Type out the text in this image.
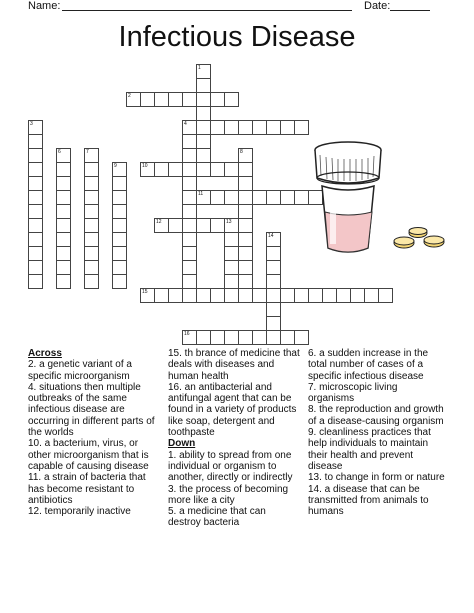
Name:	Date:
Infectious Disease
1
2
3	4
6	7	8
9	10
11
12	13
14
15
16

Across

2. a genetic variant of a specific microorganism

4. situations then multiple outbreaks of the same infectious disease are occurring in different parts of the worlds

10. a bacterium, virus, or other microorganism that is capable of causing disease

11. a strain of bacteria that has become resistant to antibiotics

12. temporarily inactive

15. th brance of medicine that deals with diseases and human health

16. an antibacterial and antifungal agent that can be found in a variety of products like soap, detergent and toothpaste

Down

1. ability to spread from one individual or organism to another, directly or indirectly

3. the process of becoming more like a city

5. a medicine that can destroy bacteria

6. a sudden increase in the total number of cases of a specific infectious disease

7. microscopic living organisms

8. the reproduction and growth of a disease-causing organism

9. cleanliness practices that help individuals to maintain their health and prevent disease

13. to change in form or nature

14. a disease that can be transmitted from animals to humans
